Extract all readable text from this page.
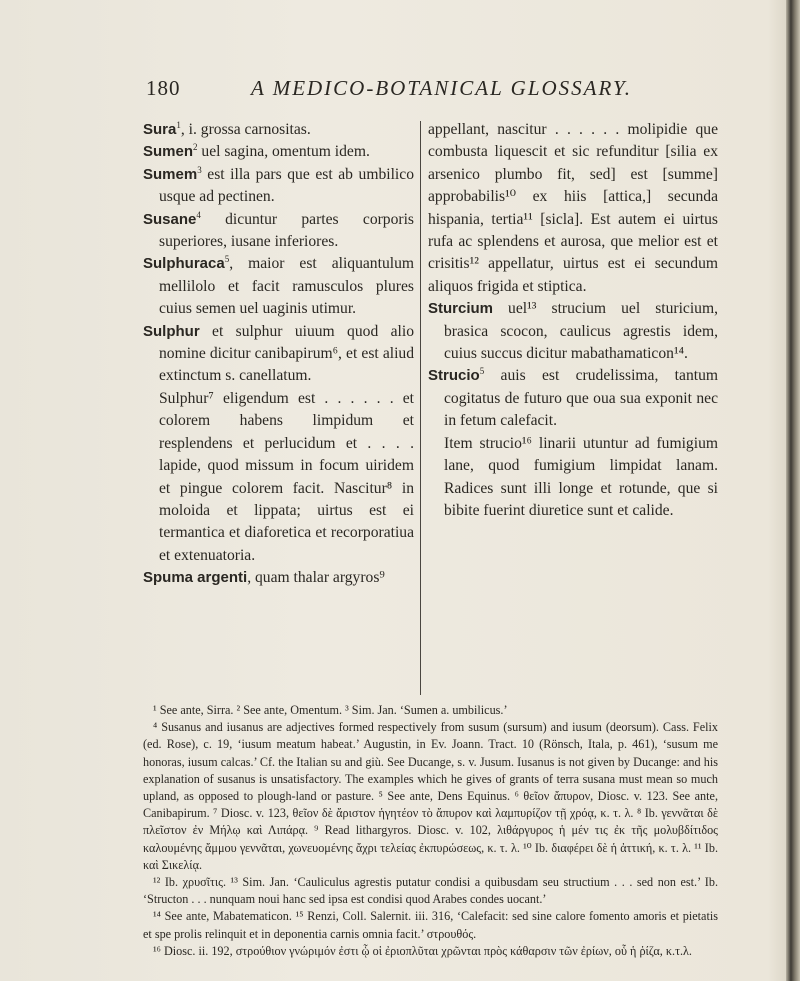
180	A MEDICO-BOTANICAL GLOSSARY.

Sura$^1$, i. grossa carnositas.

Sumen$^2$ uel sagina, omentum idem.

Sumem$^3$ est illa pars que est ab umbilico usque ad pectinen.

Susane$^4$ dicuntur partes corporis superiores, iusane inferiores.

Sulphuraca$^5$, maior est aliquantulum mellilolo et facit ramusculos plures cuius semen uel uaginis utimur.

Sulphur et sulphur uiuum quod alio nomine dicitur canibapirum⁶, et est aliud extinctum s. canellatum.

Sulphur⁷ eligendum est . . . . . . et colorem habens limpidum et resplendens et perlucidum et . . . . lapide, quod missum in focum uiridem et pingue colorem facit. Nascitur⁸ in moloida et lippata; uirtus est ei termantica et diaforetica et recorporatiua et extenuatoria.

Spuma argenti, quam thalar argyros⁹

appellant, nascitur . . . . . . molipidie que combusta liquescit et sic refunditur [silia ex arsenico plumbo fit, sed] est [summe] approbabilis¹⁰ ex hiis [attica,] secunda hispania, tertia¹¹ [sicla]. Est autem ei uirtus rufa ac splendens et aurosa, que melior est et crisitis¹² appellatur, uirtus est ei secundum aliquos frigida et stiptica.

Sturcium uel¹³ strucium uel sturicium, brasica scocon, caulicus agrestis idem, cuius succus dicitur mabathamaticon¹⁴.

Strucio$^5$ auis est crudelissima, tantum cogitatus de futuro que oua sua exponit nec in fetum calefacit.

Item strucio¹⁶ linarii utuntur ad fumigium lane, quod fumigium limpidat lanam. Radices sunt illi longe et rotunde, que si bibite fuerint diuretice sunt et calide.

¹ See ante, Sirra. ² See ante, Omentum. ³ Sim. Jan. ‘Sumen a. umbilicus.’

⁴ Susanus and iusanus are adjectives formed respectively from susum (sursum) and iusum (deorsum). Cass. Felix (ed. Rose), c. 19, ‘iusum meatum habeat.’ Augustin, in Ev. Joann. Tract. 10 (Rönsch, Itala, p. 461), ‘susum me honoras, iusum calcas.’ Cf. the Italian su and giù. See Ducange, s. v. Jusum. Iusanus is not given by Ducange: and his explanation of susanus is unsatisfactory. The examples which he gives of grants of terra susana must mean so much upland, as opposed to plough-land or pasture. ⁵ See ante, Dens Equinus. ⁶ θεῖον ἄπυρον, Diosc. v. 123. See ante, Canibapirum. ⁷ Diosc. v. 123, θεῖον δὲ ἄριστον ἡγητέον τὸ ἄπυρον καὶ λαμπυρίζον τῇ χρόᾳ, κ. τ. λ. ⁸ Ib. γεννᾶται δὲ πλεῖστον ἐν Μήλῳ καὶ Λιπάρᾳ. ⁹ Read lithargyros. Diosc. v. 102, λιθάργυρος ἡ μέν τις ἐκ τῆς μολυβδίτιδος καλουμένης ἄμμου γεννᾶται, χωνευομένης ἄχρι τελείας ἐκπυρώσεως, κ. τ. λ. ¹⁰ Ib. διαφέρει δὲ ἡ ἀττική, κ. τ. λ. ¹¹ Ib. καὶ Σικελίᾳ.

¹² Ib. χρυσῖτις. ¹³ Sim. Jan. ‘Cauliculus agrestis putatur condisi a quibusdam seu structium . . . sed non est.’ Ib. ‘Structon . . . nunquam noui hanc sed ipsa est condisi quod Arabes condes uocant.’

¹⁴ See ante, Mabatematicon. ¹⁵ Renzi, Coll. Salernit. iii. 316, ‘Calefacit: sed sine calore fomento amoris et pietatis et spe prolis relinquit et in deponentia carnis omnia facit.’ στρουθός.

¹⁶ Diosc. ii. 192, στρούθιον γνώριμόν ἐστι ᾧ οἱ ἐριοπλῦται χρῶνται πρὸς κάθαρσιν τῶν ἐρίων, οὗ ἡ ῥίζα, κ.τ.λ.
